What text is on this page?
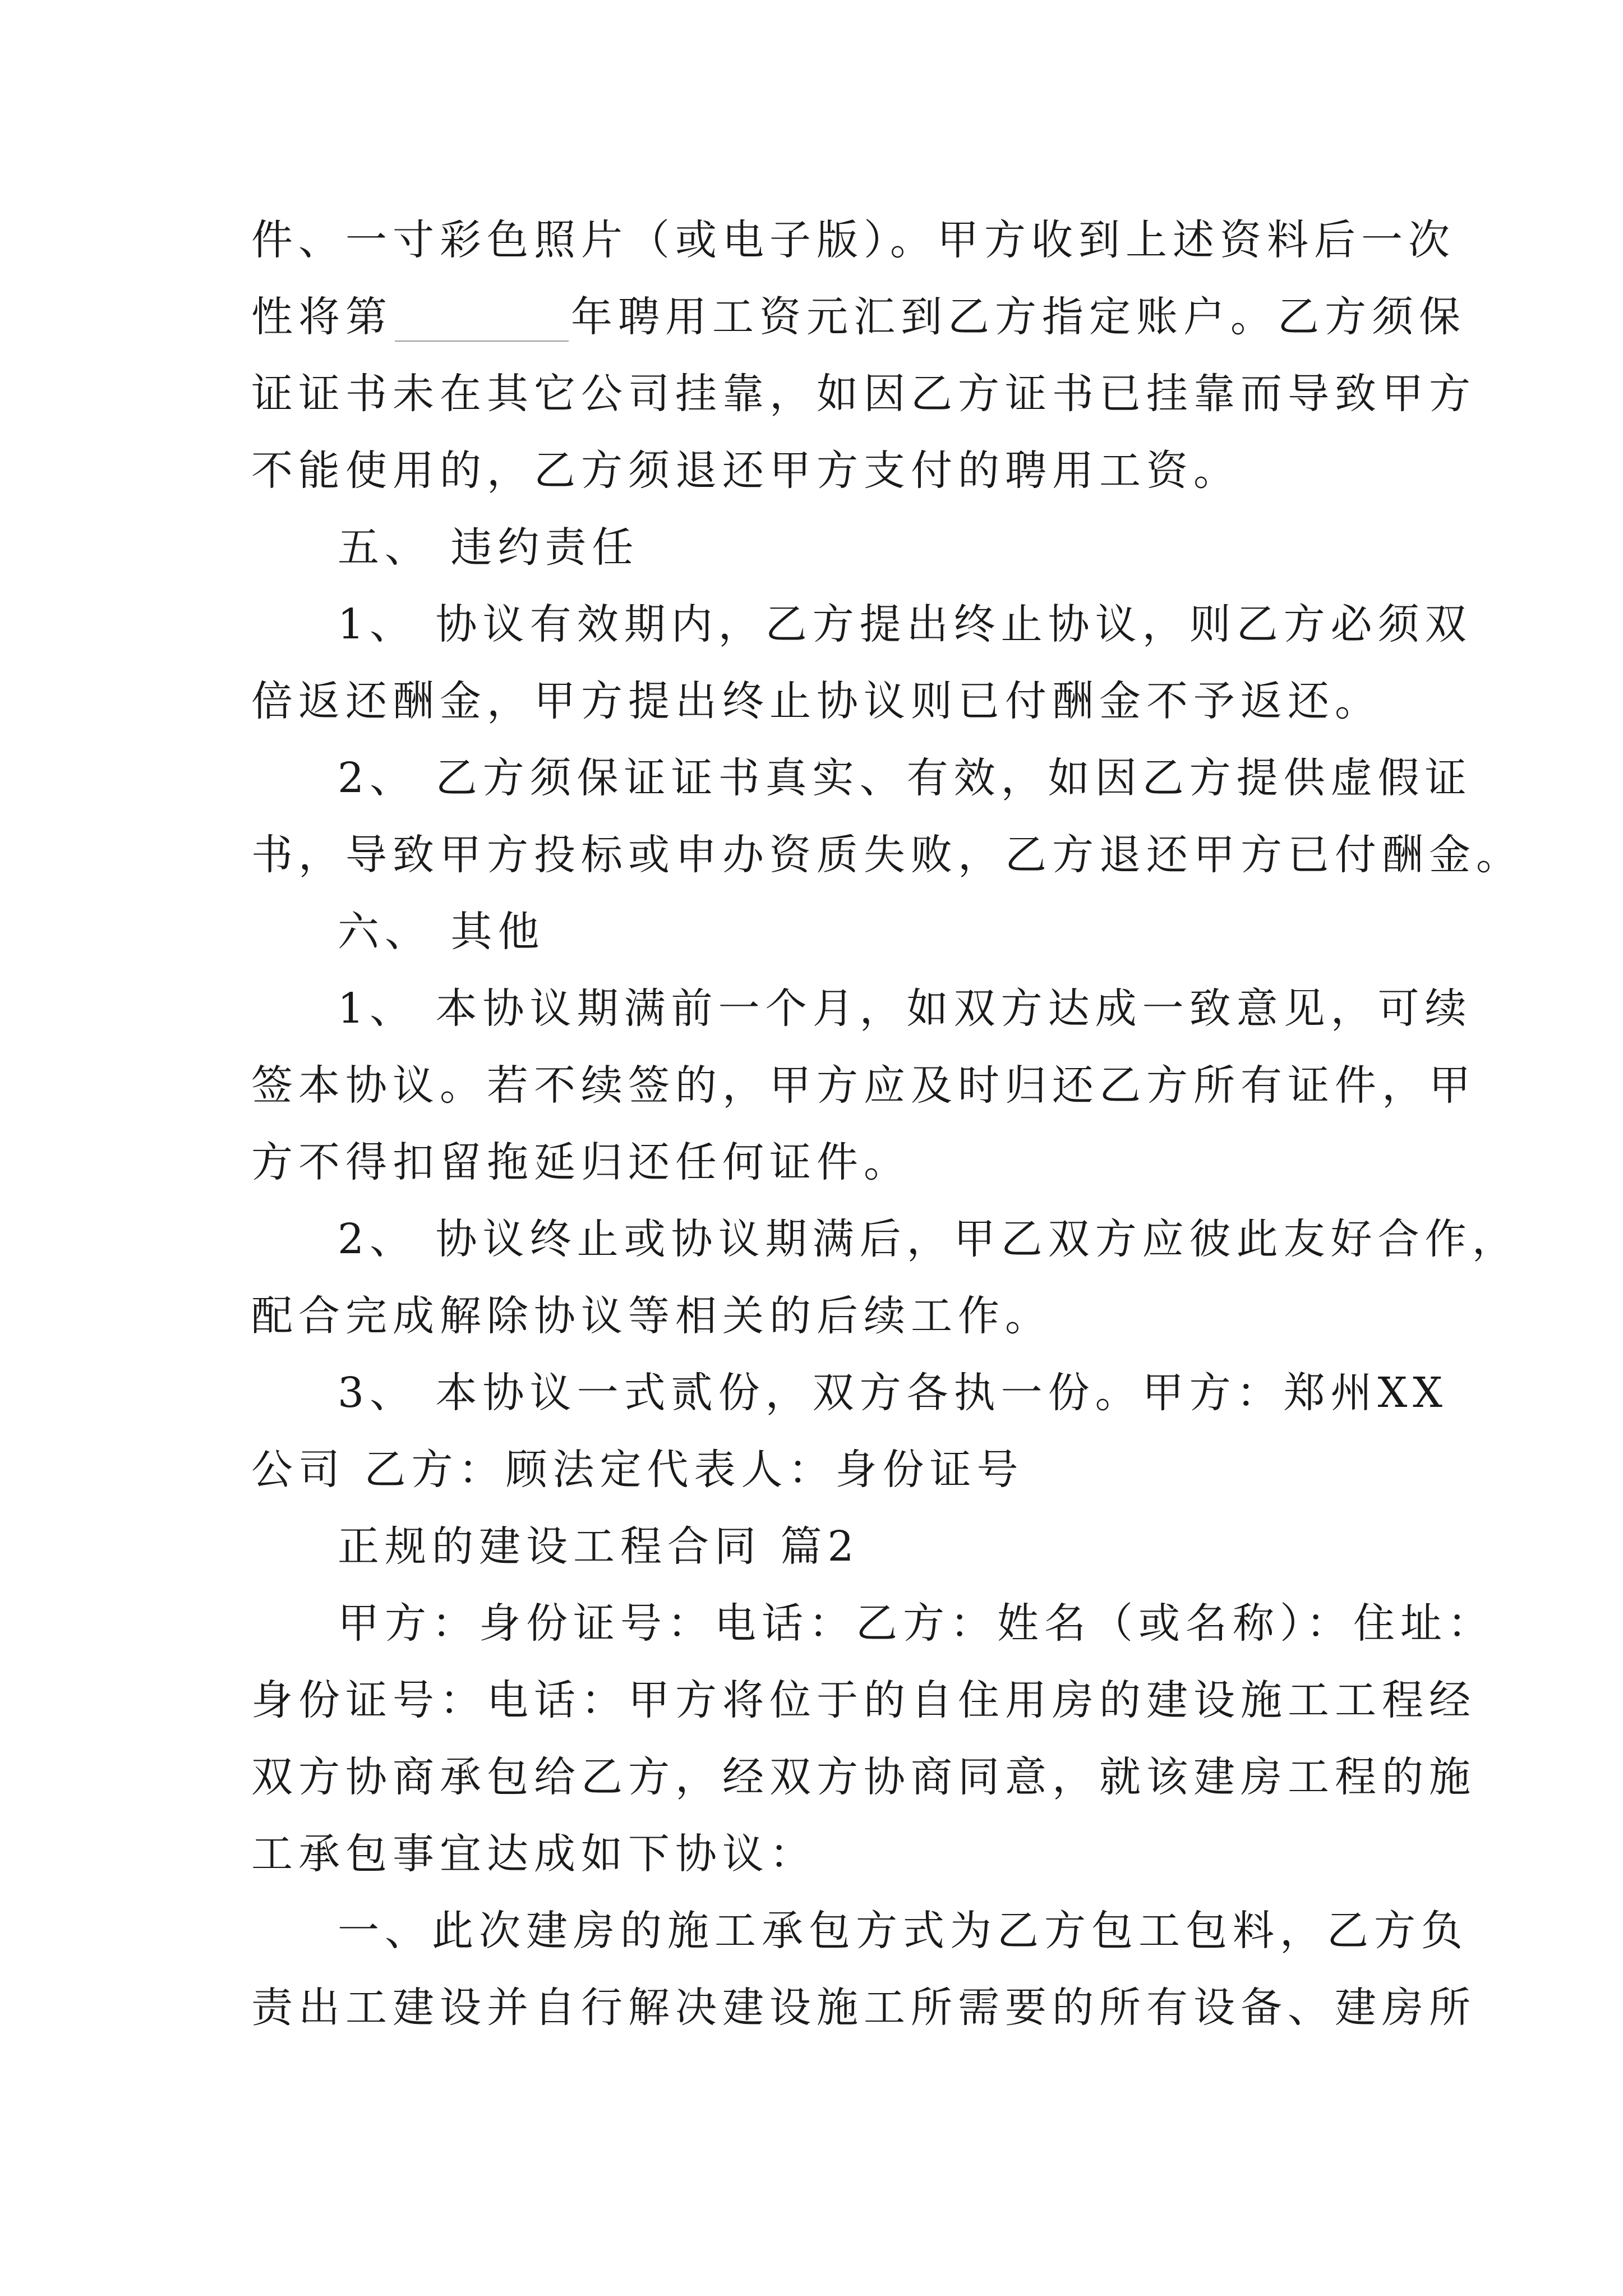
件、一寸彩色照片（或电子版）。甲方收到上述资料后一次
性将第	年聘用工资元汇到乙方指定账户。乙方须保
证证书未在其它公司挂靠，如因乙方证书已挂靠而导致甲方
不能使用的，乙方须退还甲方支付的聘用工资。
五、 违约责任
1、 协议有效期内，乙方提出终止协议，则乙方必须双
倍返还酬金，甲方提出终止协议则已付酬金不予返还。
2、 乙方须保证证书真实、有效，如因乙方提供虚假证
书，导致甲方投标或申办资质失败，乙方退还甲方已付酬金。
六、 其他
1、 本协议期满前一个月，如双方达成一致意见，可续
签本协议。若不续签的，甲方应及时归还乙方所有证件，甲
方不得扣留拖延归还任何证件。
2、 协议终止或协议期满后，甲乙双方应彼此友好合作，
配合完成解除协议等相关的后续工作。
3、 本协议一式贰份，双方各执一份。甲方：郑州XX
公司 乙方：顾法定代表人：身份证号
正规的建设工程合同 篇2
甲方：身份证号：电话：乙方：姓名（或名称）：住址：
身份证号：电话：甲方将位于的自住用房的建设施工工程经
双方协商承包给乙方，经双方协商同意，就该建房工程的施
工承包事宜达成如下协议：
一、此次建房的施工承包方式为乙方包工包料，乙方负
责出工建设并自行解决建设施工所需要的所有设备、建房所
